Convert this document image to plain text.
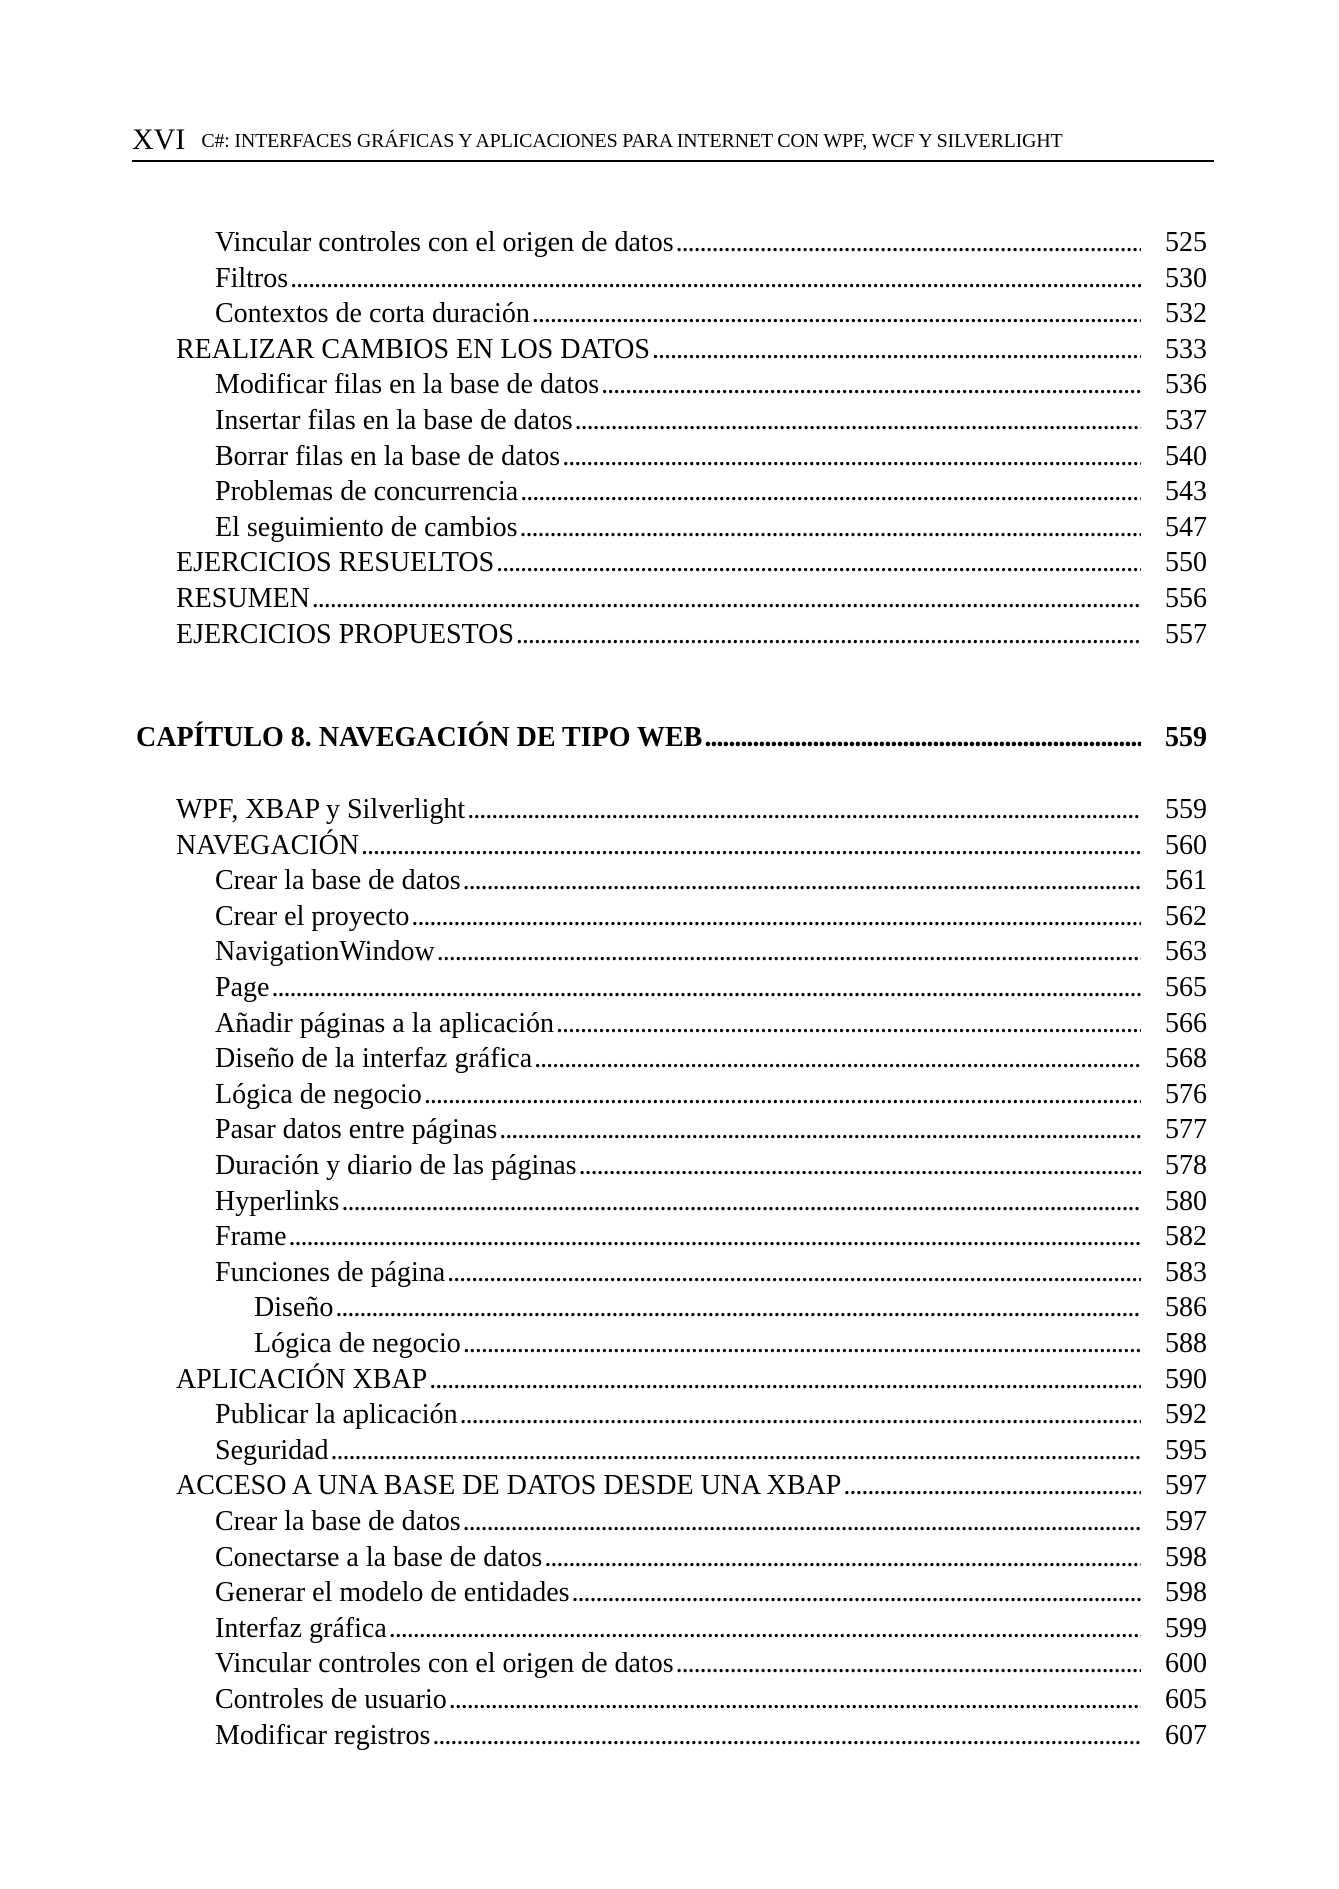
XVI C#: INTERFACES GRÁFICAS Y APLICACIONES PARA INTERNET CON WPF, WCF Y SILVERLIGHT
Vincular controles con el origen de datos . . .	525
Filtros . . .	530
Contextos de corta duración . . .	532
REALIZAR CAMBIOS EN LOS DATOS . . .	533
Modificar filas en la base de datos . . .	536
Insertar filas en la base de datos . . .	537
Borrar filas en la base de datos . . .	540
Problemas de concurrencia . . .	543
El seguimiento de cambios . . .	547
EJERCICIOS RESUELTOS . . .	550
RESUMEN . . .	556
EJERCICIOS PROPUESTOS . . .	557
CAPÍTULO 8. NAVEGACIÓN DE TIPO WEB . . .	559
WPF, XBAP y Silverlight . . .	559
NAVEGACIÓN . . .	560
Crear la base de datos . . .	561
Crear el proyecto . . .	562
NavigationWindow . . .	563
Page . . .	565
Añadir páginas a la aplicación . . .	566
Diseño de la interfaz gráfica . . .	568
Lógica de negocio . . .	576
Pasar datos entre páginas . . .	577
Duración y diario de las páginas . . .	578
Hyperlinks . . .	580
Frame . . .	582
Funciones de página . . .	583
Diseño . . .	586
Lógica de negocio . . .	588
APLICACIÓN XBAP . . .	590
Publicar la aplicación . . .	592
Seguridad . . .	595
ACCESO A UNA BASE DE DATOS DESDE UNA XBAP . . .	597
Crear la base de datos . . .	597
Conectarse a la base de datos . . .	598
Generar el modelo de entidades . . .	598
Interfaz gráfica . . .	599
Vincular controles con el origen de datos . . .	600
Controles de usuario . . .	605
Modificar registros . . .	607
